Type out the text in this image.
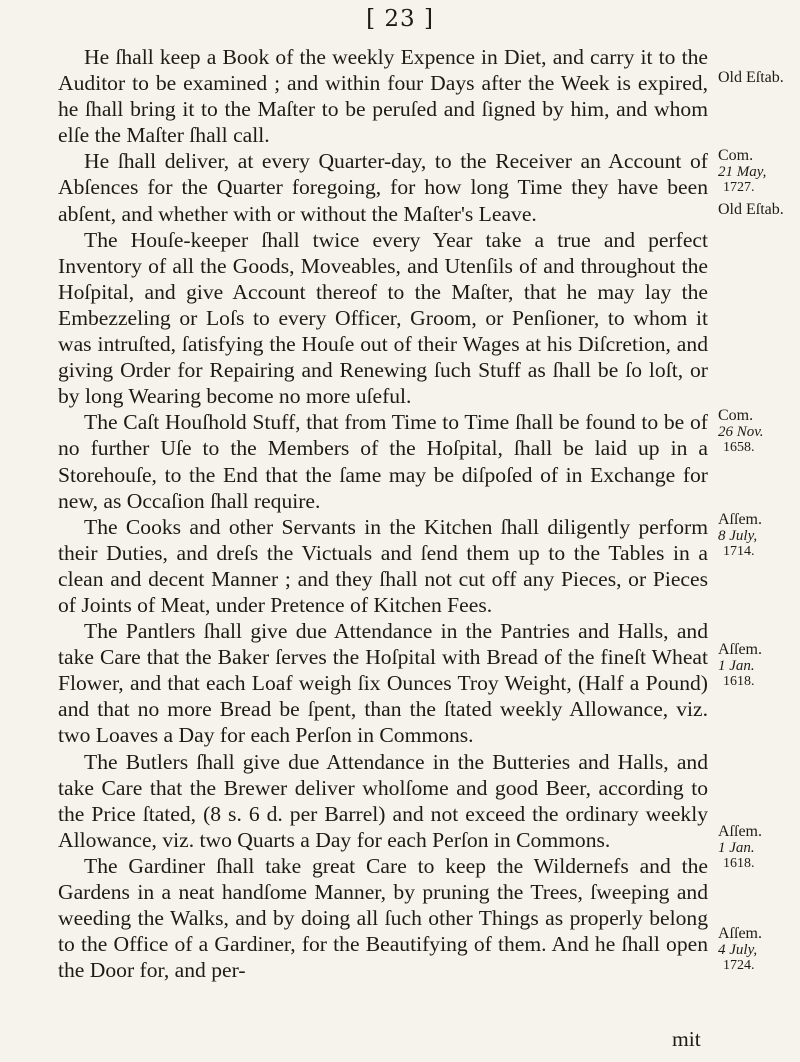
[ 23 ]

He ſhall keep a Book of the weekly Expence in Diet, and carry it to the Auditor to be examined ; and within four Days after the Week is expired, he ſhall bring it to the Maſter to be peruſed and ſigned by him, and whom elſe the Maſter ſhall call.

He ſhall deliver, at every Quarter-day, to the Receiver an Account of Abſences for the Quarter foregoing, for how long Time they have been abſent, and whether with or without the Maſter's Leave.

The Houſe-keeper ſhall twice every Year take a true and perfect Inventory of all the Goods, Moveables, and Utenſils of and throughout the Hoſpital, and give Account thereof to the Maſter, that he may lay the Embezzeling or Loſs to every Officer, Groom, or Penſioner, to whom it was intruſted, ſatisfying the Houſe out of their Wages at his Diſcretion, and giving Order for Repairing and Renewing ſuch Stuff as ſhall be ſo loſt, or by long Wearing become no more uſeful.

The Caſt Houſhold Stuff, that from Time to Time ſhall be found to be of no further Uſe to the Members of the Hoſpital, ſhall be laid up in a Storehouſe, to the End that the ſame may be diſpoſed of in Exchange for new, as Occaſion ſhall require.

The Cooks and other Servants in the Kitchen ſhall diligently perform their Duties, and dreſs the Victuals and ſend them up to the Tables in a clean and decent Manner ; and they ſhall not cut off any Pieces, or Pieces of Joints of Meat, under Pretence of Kitchen Fees.

The Pantlers ſhall give due Attendance in the Pantries and Halls, and take Care that the Baker ſerves the Hoſpital with Bread of the fineſt Wheat Flower, and that each Loaf weigh ſix Ounces Troy Weight, (Half a Pound) and that no more Bread be ſpent, than the ſtated weekly Allowance, viz. two Loaves a Day for each Perſon in Commons.

The Butlers ſhall give due Attendance in the Butteries and Halls, and take Care that the Brewer deliver wholſome and good Beer, according to the Price ſtated, (8 s. 6 d. per Barrel) and not exceed the ordinary weekly Allowance, viz. two Quarts a Day for each Perſon in Commons.

The Gardiner ſhall take great Care to keep the Wildernefs and the Gardens in a neat handſome Manner, by pruning the Trees, ſweeping and weeding the Walks, and by doing all ſuch other Things as properly belong to the Office of a Gardiner, for the Beautifying of them. And he ſhall open the Door for, and per-

mit
Old Eſtab.
Com.
21 May,
1727.
Old Eſtab.
Com.
26 Nov.
1658.
Aſſem.
8 July,
1714.
Aſſem.
1 Jan.
1618.
Aſſem.
1 Jan.
1618.
Aſſem.
4 July,
1724.
